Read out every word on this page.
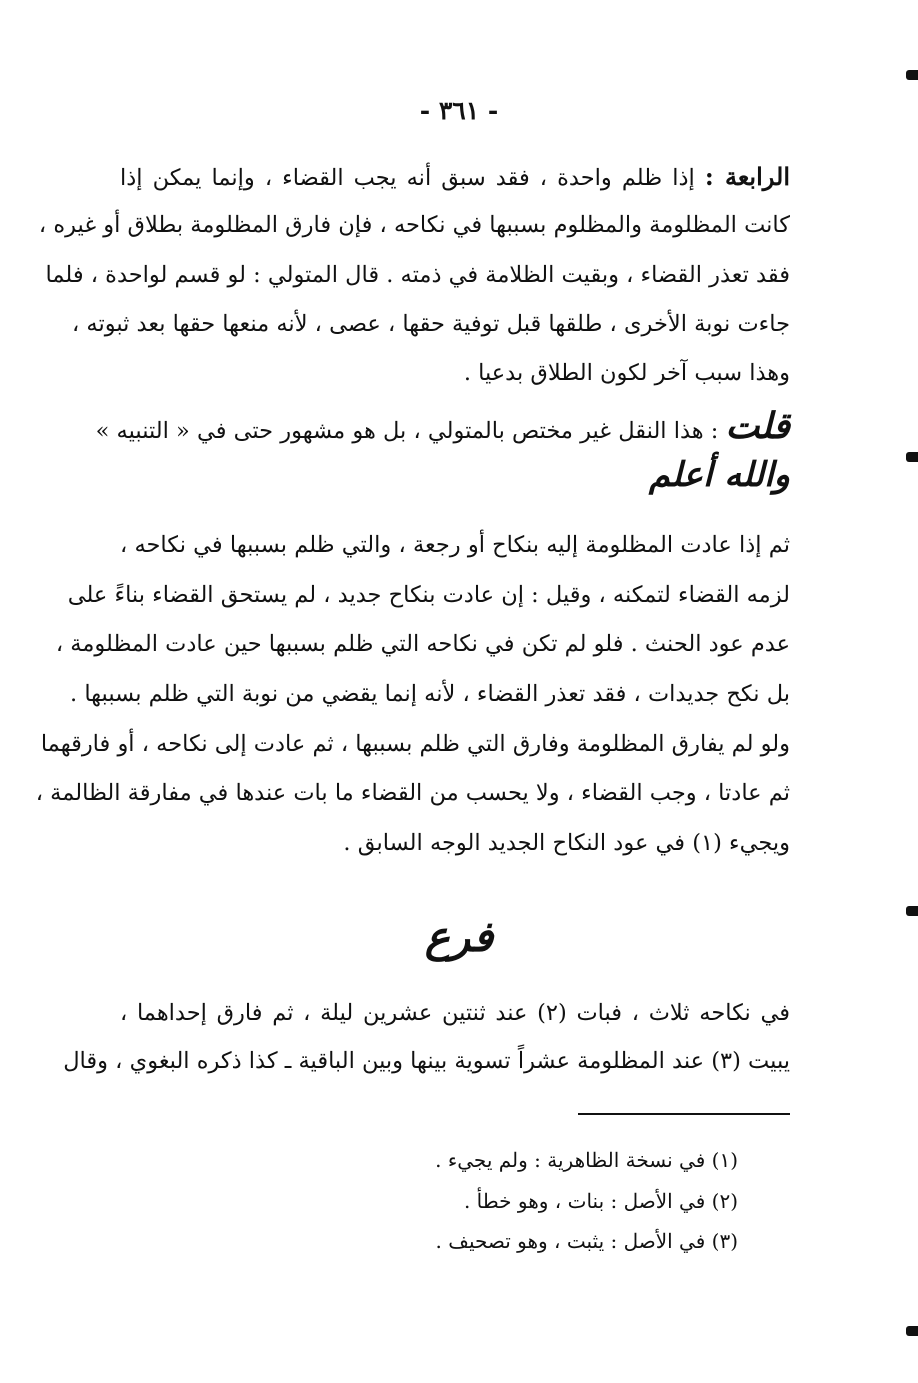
- ٣٦١ -
الرابعة : إذا ظلم واحدة ، فقد سبق أنه يجب القضاء ، وإنما يمكن إذا
كانت المظلومة والمظلوم بسببها في نكاحه ، فإن فارق المظلومة بطلاق أو غيره ،
فقد تعذر القضاء ، وبقيت الظلامة في ذمته . قال المتولي : لو قسم لواحدة ، فلما
جاءت نوبة الأخرى ، طلقها قبل توفية حقها ، عصى ، لأنه منعها حقها بعد ثبوته ،
وهذا سبب آخر لكون الطلاق بدعيا .
قلت : هذا النقل غير مختص بالمتولي ، بل هو مشهور حتى في « التنبيه »
والله أعلم
ثم إذا عادت المظلومة إليه بنكاح أو رجعة ، والتي ظلم بسببها في نكاحه ،
لزمه القضاء لتمكنه ، وقيل : إن عادت بنكاح جديد ، لم يستحق القضاء بناءً على
عدم عود الحنث . فلو لم تكن في نكاحه التي ظلم بسببها حين عادت المظلومة ،
بل نكح جديدات ، فقد تعذر القضاء ، لأنه إنما يقضي من نوبة التي ظلم بسببها .
ولو لم يفارق المظلومة وفارق التي ظلم بسببها ، ثم عادت إلى نكاحه ، أو فارقهما
ثم عادتا ، وجب القضاء ، ولا يحسب من القضاء ما بات عندها في مفارقة الظالمة ،
ويجيء (١) في عود النكاح الجديد الوجه السابق .
فرع
في نكاحه ثلاث ، فبات (٢) عند ثنتين عشرين ليلة ، ثم فارق إحداهما ،
يبيت (٣) عند المظلومة عشراً تسوية بينها وبين الباقية ـ كذا ذكره البغوي ، وقال
(١) في نسخة الظاهرية : ولم يجيء .
(٢) في الأصل : بنات ، وهو خطأ .
(٣) في الأصل : يثبت ، وهو تصحيف .
